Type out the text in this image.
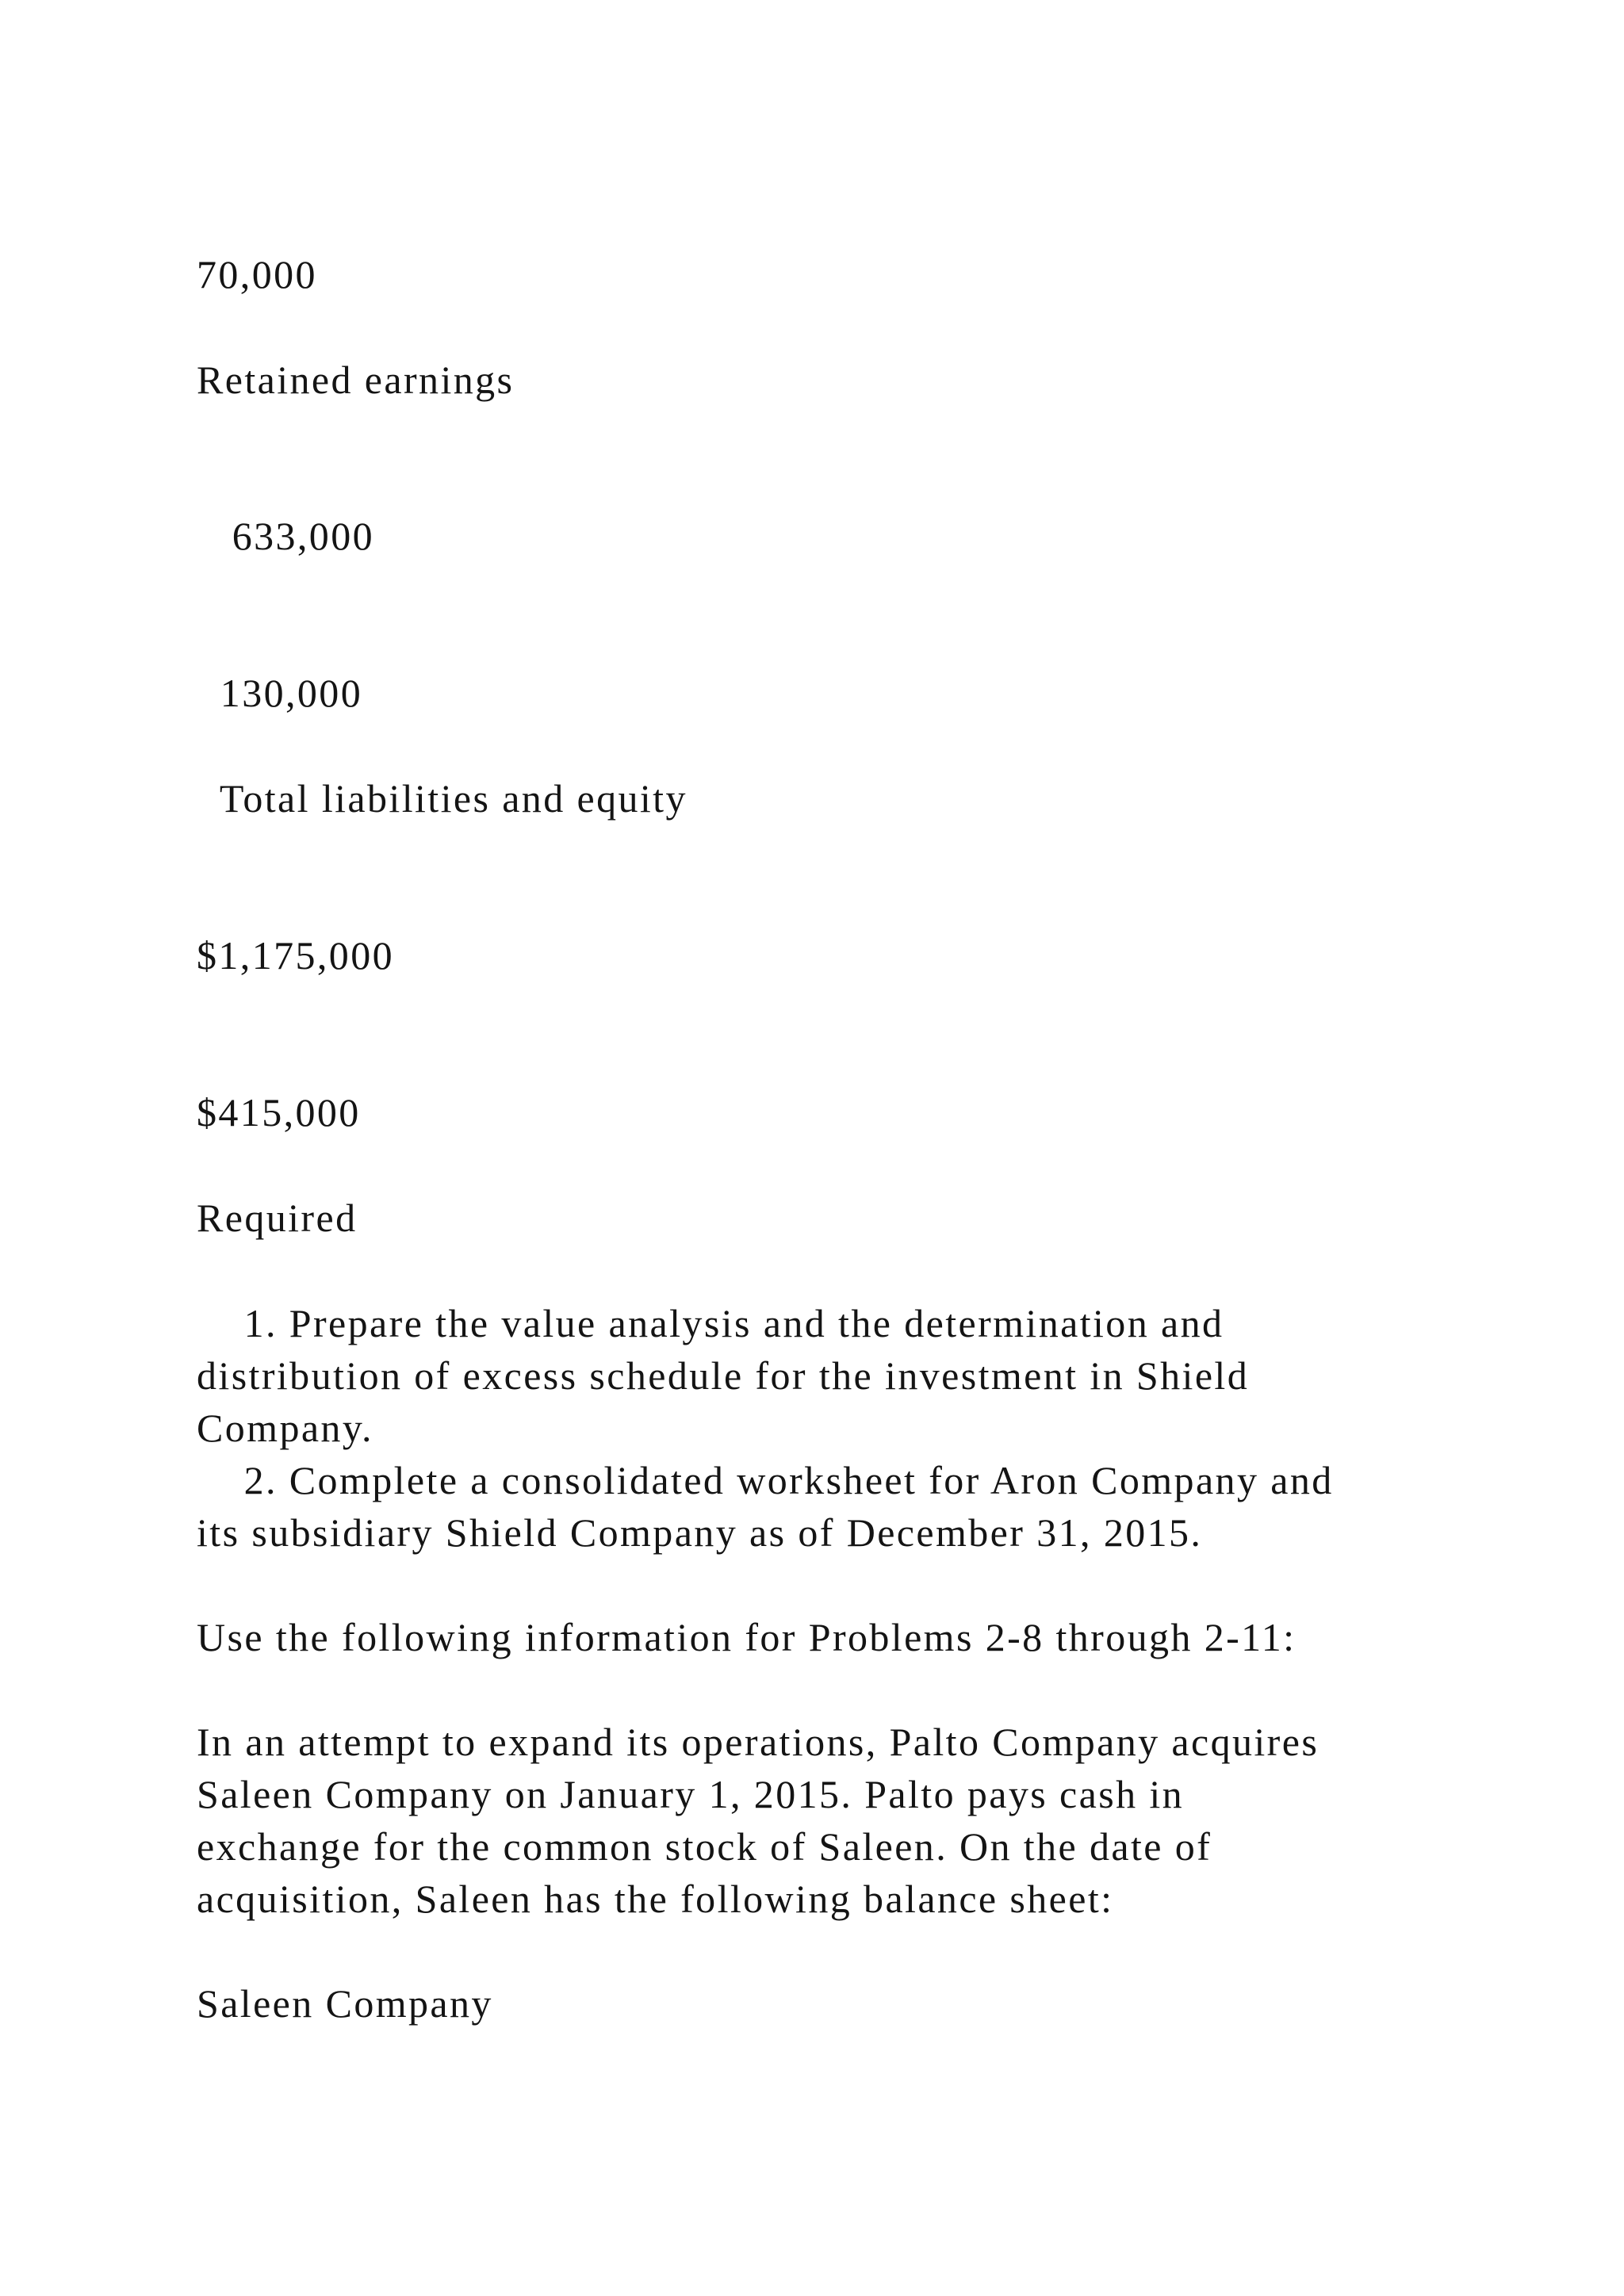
70,000

Retained earnings

633,000

130,000

Total liabilities and equity

$1,175,000

$415,000

Required

1. Prepare the value analysis and the determination and
distribution of excess schedule for the investment in Shield
Company.
2. Complete a consolidated worksheet for Aron Company and
its subsidiary Shield Company as of December 31, 2015.

Use the following information for Problems 2-8 through 2-11:

In an attempt to expand its operations, Palto Company acquires
Saleen Company on January 1, 2015. Palto pays cash in
exchange for the common stock of Saleen. On the date of
acquisition, Saleen has the following balance sheet:

Saleen Company
